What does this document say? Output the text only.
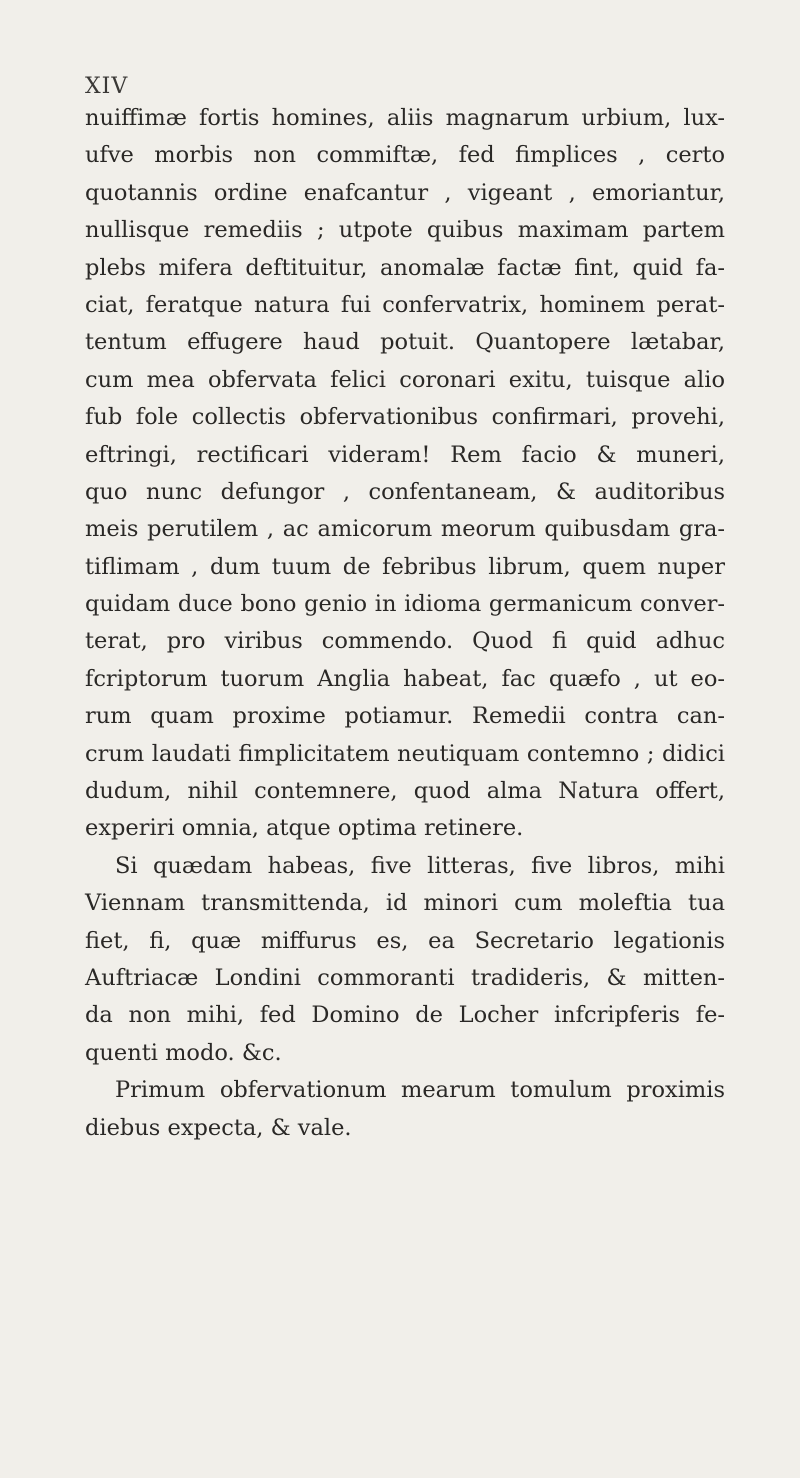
XIV
nuiffimæ fortis homines, aliis magnarum urbium, lux-
ufve morbis non commiftæ, fed fimplices , certo
quotannis ordine enafcantur , vigeant , emoriantur,
nullisque remediis ; utpote quibus maximam partem
plebs mifera deftituitur, anomalæ factæ fint, quid fa-
ciat, feratque natura fui confervatrix, hominem perat-
tentum effugere haud potuit. Quantopere lætabar,
cum mea obfervata felici coronari exitu, tuisque alio
fub fole collectis obfervationibus confirmari, provehi,
eftringi, rectificari videram! Rem facio & muneri,
quo nunc defungor , confentaneam, & auditoribus
meis perutilem , ac amicorum meorum quibusdam gra-
tiflimam , dum tuum de febribus librum, quem nuper
quidam duce bono genio in idioma germanicum conver-
terat, pro viribus commendo. Quod fi quid adhuc
fcriptorum tuorum Anglia habeat, fac quæfo , ut eo-
rum quam proxime potiamur. Remedii contra can-
crum laudati fimplicitatem neutiquam contemno ; didici
dudum, nihil contemnere, quod alma Natura offert,
experiri omnia, atque optima retinere.
Si quædam habeas, five litteras, five libros, mihi
Viennam transmittenda, id minori cum moleftia tua
fiet, fi, quæ miffurus es, ea Secretario legationis
Auftriacæ Londini commoranti tradideris, & mitten-
da non mihi, fed Domino de Locher infcripferis fe-
quenti modo. &c.
Primum obfervationum mearum tomulum proximis
diebus expecta, & vale.
